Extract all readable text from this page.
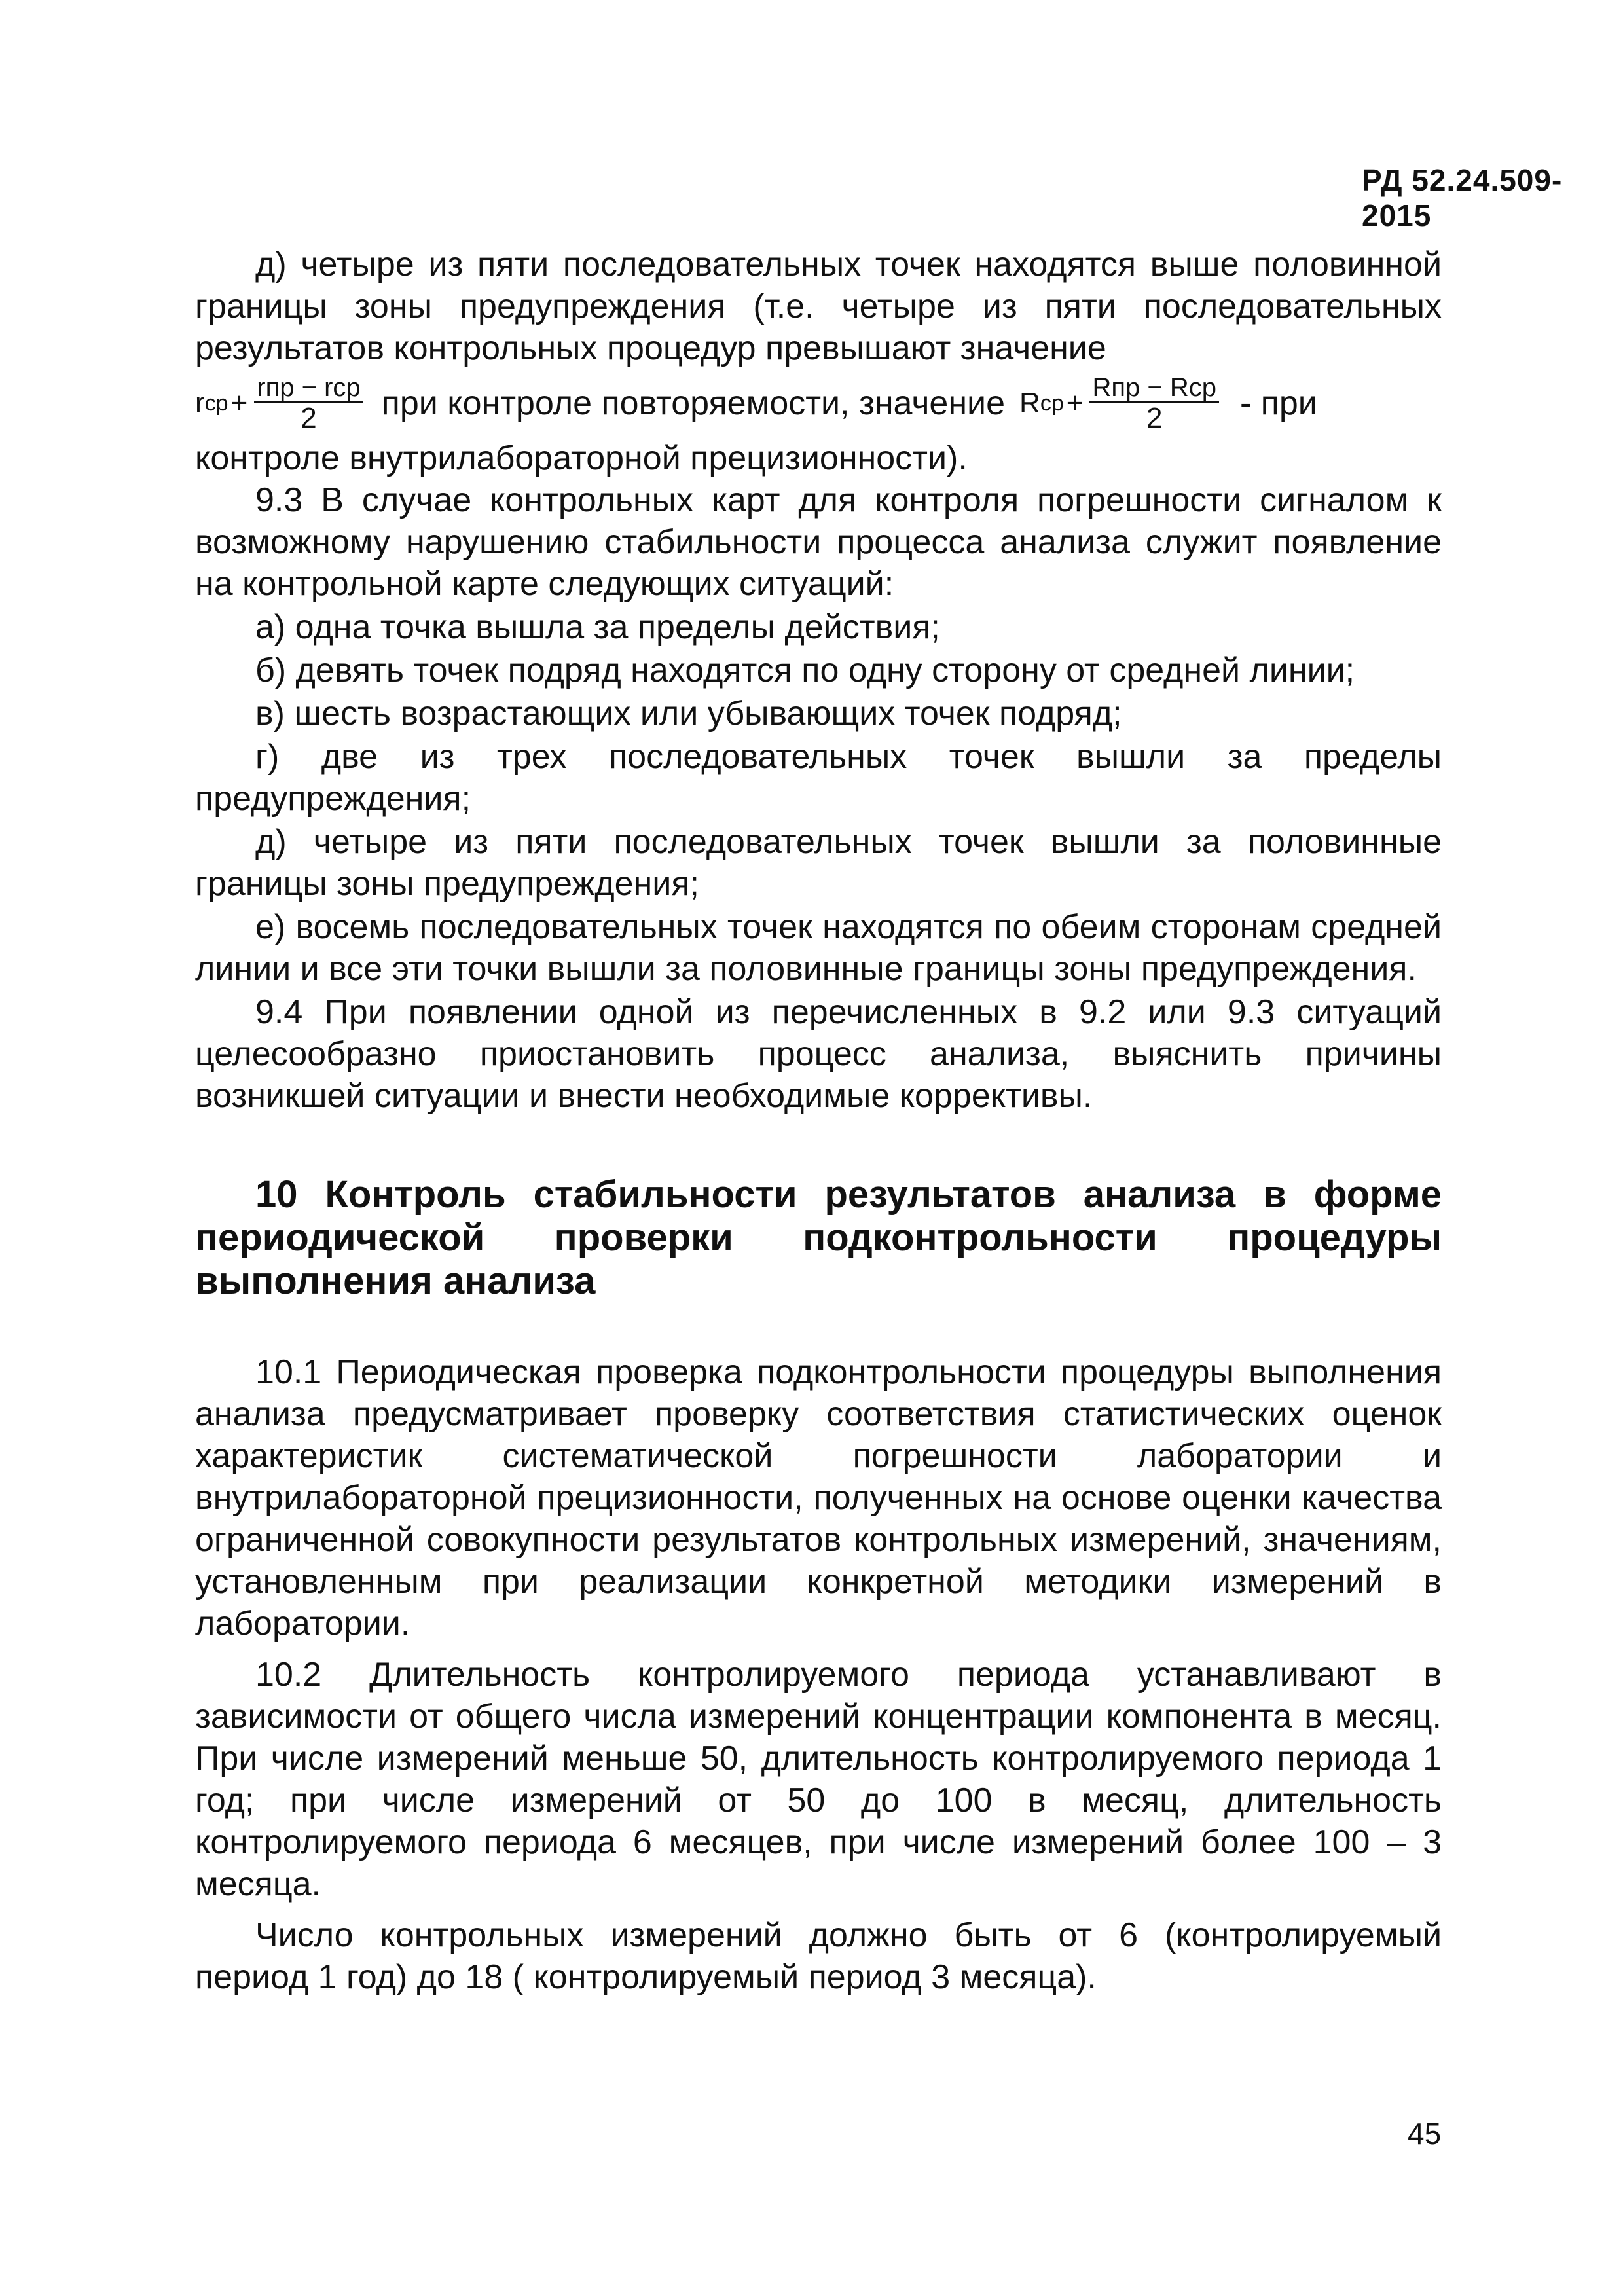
РД 52.24.509-2015

д) четыре из пяти последовательных точек находятся выше половинной границы зоны предупреждения (т.е. четыре из пяти последовательных результатов контрольных процедур превышают значение

r ср + $\frac{\text{rпр − rср}}{2}$ при контроле повторяемости, значение R ср + $\frac{\text{Rпр − Rср}}{2}$ - при

контроле внутрилабораторной прецизионности).

9.3 В случае контрольных карт для контроля погрешности сигналом к возможному нарушению стабильности процесса анализа служит появление на контрольной карте следующих ситуаций:

а) одна точка вышла за пределы действия;

б) девять точек подряд находятся по одну сторону от средней линии;

в) шесть возрастающих или убывающих точек подряд;

г) две из трех последовательных точек вышли за пределы предупреждения;

д) четыре из пяти последовательных точек вышли за половинные границы зоны предупреждения;

е) восемь последовательных точек находятся по обеим сторонам средней линии и все эти точки вышли за половинные границы зоны предупреждения.

9.4 При появлении одной из перечисленных в 9.2 или 9.3 ситуаций целесообразно приостановить процесс анализа, выяснить причины возникшей ситуации и внести необходимые коррективы.

10 Контроль стабильности результатов анализа в форме периодической проверки подконтрольности процедуры выполнения анализа

10.1 Периодическая проверка подконтрольности процедуры выполнения анализа предусматривает проверку соответствия статистических оценок характеристик систематической погрешности лаборатории и внутрилабораторной прецизионности, полученных на основе оценки качества ограниченной совокупности результатов контрольных измерений, значениям, установленным при реализации конкретной методики измерений в лаборатории.

10.2 Длительность контролируемого периода устанавливают в зависимости от общего числа измерений концентрации компонента в месяц. При числе измерений меньше 50, длительность контролируемого периода 1 год; при числе измерений от 50 до 100 в месяц, длительность контролируемого периода 6 месяцев, при числе измерений более 100 – 3 месяца.

Число контрольных измерений должно быть от 6 (контролируемый период 1 год) до 18 ( контролируемый период 3 месяца).

45
